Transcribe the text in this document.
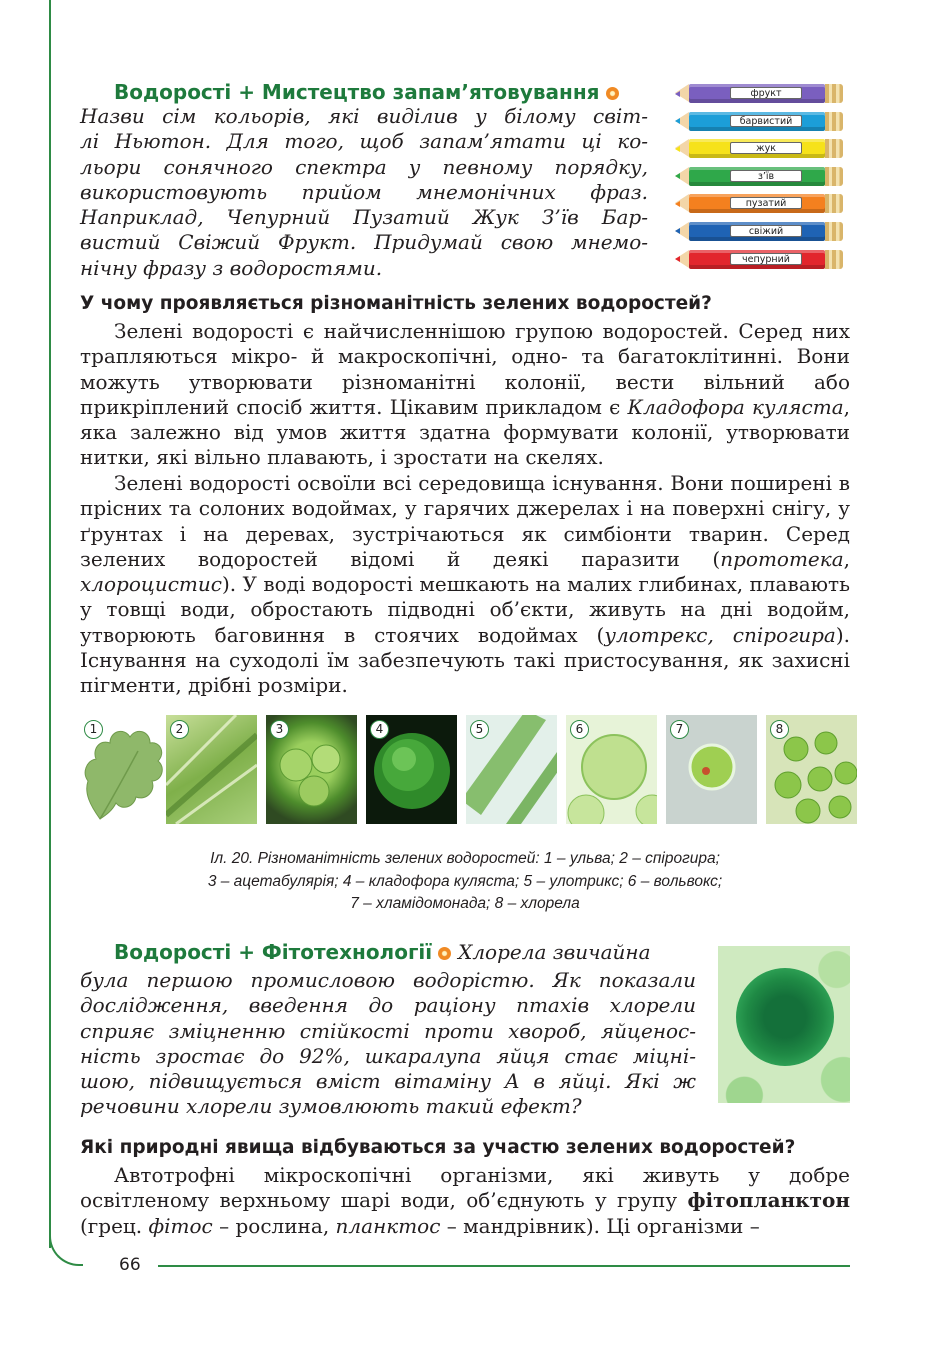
66
Водорості + Мистецтво запам’ятовування
Назви сім кольорів, які виділив у білому світ-
лі Ньютон. Для того, щоб запам’ятати ці ко-
льори сонячного спектра у певному порядку,
використовують прийом мнемонічних фраз.
Наприклад, Чепурний Пузатий Жук З’їв Бар-
вистий Свіжий Фрукт. Придумай свою мнемо-
нічну фразу з водоростями.
фрукт
барвистий
жук
з’їв
пузатий
свіжий
чепурний
У чому проявляється різноманітність зелених водоростей?
Зелені водорості є найчисленнішою групою водоростей. Серед них трапляються мікро- й макроскопічні, одно- та багатоклітинні. Вони можуть утворювати різноманітні колонії, вести вільний або прикріплений спосіб життя. Цікавим прикладом є Кладофора куляста, яка залежно від умов життя здатна формувати колонії, утворювати нитки, які вільно плавають, і зростати на скелях.
Зелені водорості освоїли всі середовища існування. Вони поширені в прісних та солоних водоймах, у гарячих джерелах і на поверхні снігу, у ґрунтах і на деревах, зустрічаються як симбіонти тварин. Серед зелених водоростей відомі й деякі паразити (прототека, хлороцистис). У воді водорості мешкають на малих глибинах, плавають у товщі води, обростають підводні об’єкти, живуть на дні водойм, утворюють баговиння в стоячих водоймах (улотрекс, спірогира). Існування на суходолі їм забезпечують такі пристосування, як захисні пігменти, дрібні розміри.
1	2	3	4	5	6	7	8
Іл. 20. Різноманітність зелених водоростей: 1 – ульва; 2 – спірогира;
3 – ацетабулярія; 4 – кладофора куляста; 5 – улотрикс; 6 – вольвокс;
7 – хламідомонада; 8 – хлорела
Водорості + Фітотехнології Хлорела звичайна
була першою промисловою водорістю. Як показали
дослідження, введення до раціону птахів хлорели
сприяє зміцненню стійкості проти хвороб, яйценос-
ність зростає до 92%, шкаралупа яйця стає міцні-
шою, підвищується вміст вітаміну А в яйці. Які ж
речовини хлорели зумовлюють такий ефект?
Які природні явища відбуваються за участю зелених водоростей?
Автотрофні мікроскопічні організми, які живуть у добре освітленому верхньому шарі води, об’єднують у групу фітопланктон (грец. фітос – рослина, планктос – мандрівник). Ці організми –
